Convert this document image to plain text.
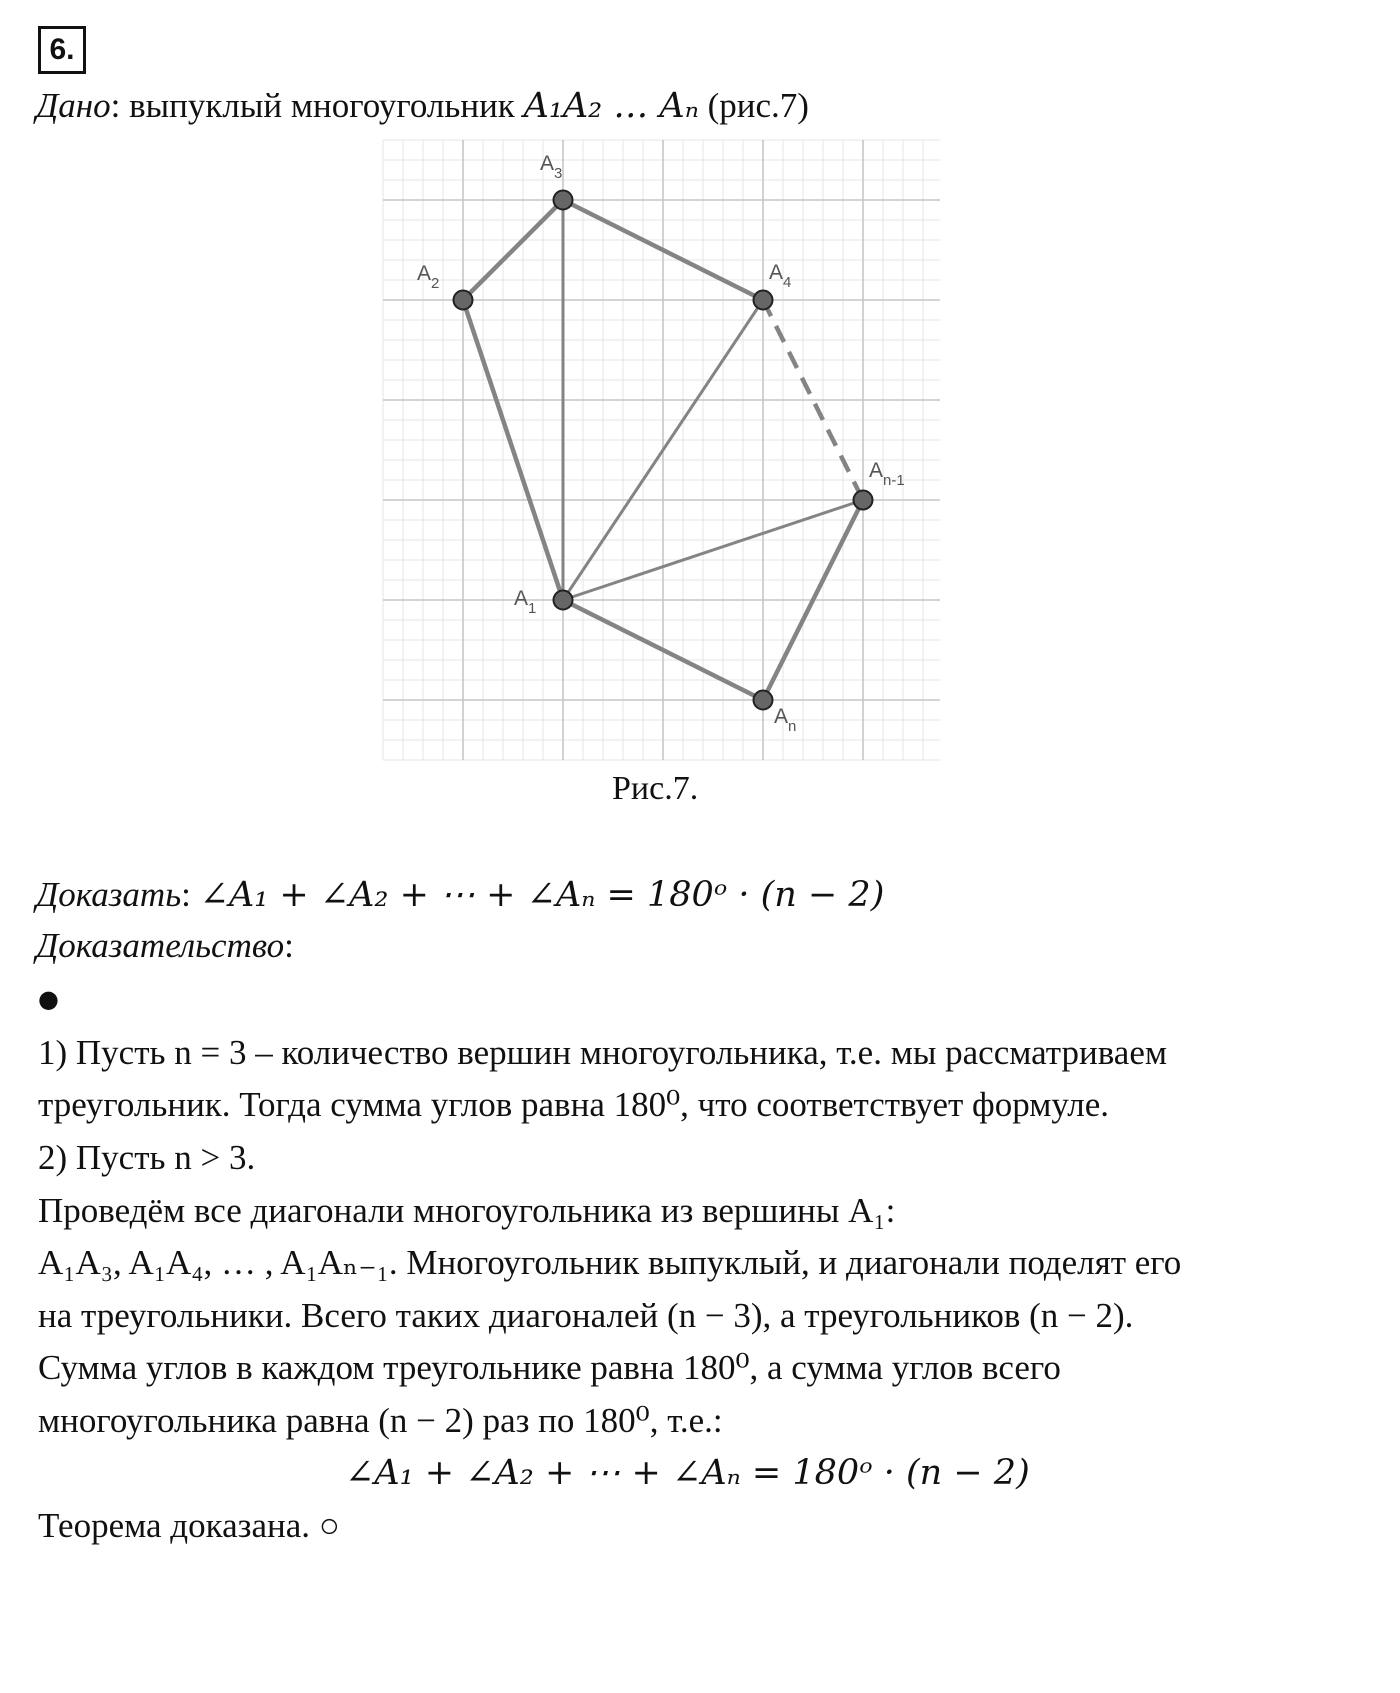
6.
Дано: выпуклый многоугольник A₁A₂ … Aₙ (рис.7)
$A_1$
$A_2$
$A_3$
$A_4$
$A_{n-1}$
$A_n$
Рис.7.
Доказать: ∠A₁ + ∠A₂ + ⋯ + ∠Aₙ = 180ᵒ · (n − 2)
Доказательство:
●
1) Пусть n = 3 – количество вершин многоугольника, т.е. мы рассматриваем
треугольник. Тогда сумма углов равна 180⁰, что соответствует формуле.
2) Пусть n > 3.
Проведём все диагонали многоугольника из вершины A₁:
A₁A₃, A₁A₄, … , A₁Aₙ₋₁. Многоугольник выпуклый, и диагонали поделят его
на треугольники. Всего таких диагоналей (n − 3), а треугольников (n − 2).
Сумма углов в каждом треугольнике равна 180⁰, а сумма углов всего
многоугольника равна (n − 2) раз по 180⁰, т.е.:
∠A₁ + ∠A₂ + ⋯ + ∠Aₙ = 180ᵒ · (n − 2)
Теорема доказана. ○
